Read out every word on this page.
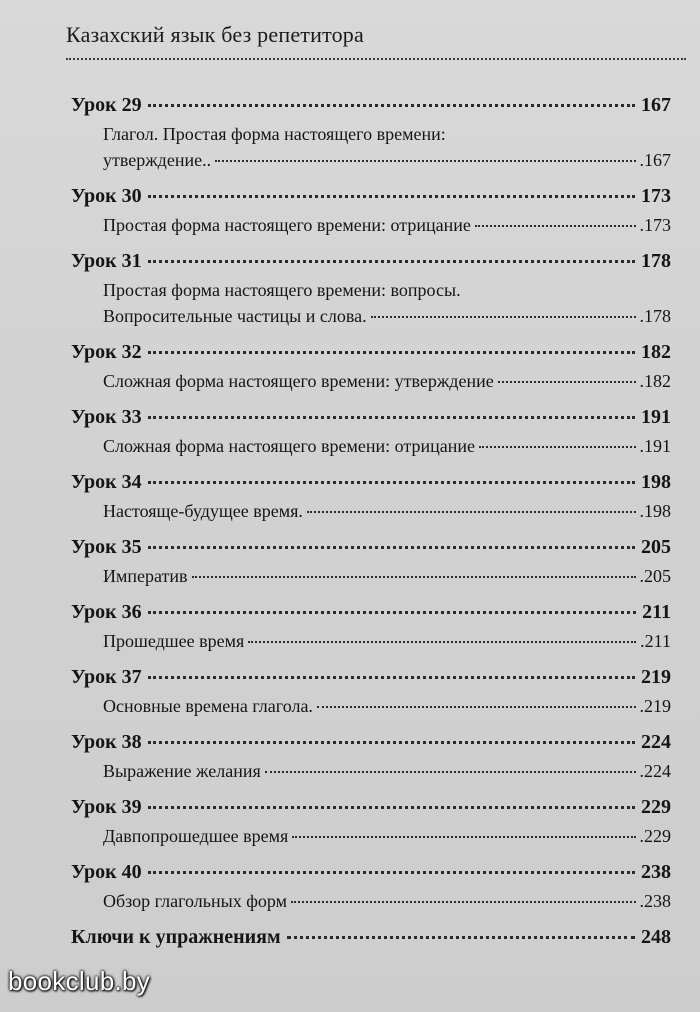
Казахский язык без репетитора
Урок 29	167
Глагол. Простая форма настоящего времени:
утверждение..	.167
Урок 30	173
Простая форма настоящего времени: отрицание	.173
Урок 31	178
Простая форма настоящего времени: вопросы.
Вопросительные частицы и слова.	.178
Урок 32	182
Сложная форма настоящего времени: утверждение	.182
Урок 33	191
Сложная форма настоящего времени: отрицание	.191
Урок 34	198
Настояще-будущее время.	.198
Урок 35	205
Императив	.205
Урок 36	211
Прошедшее время	.211
Урок 37	219
Основные времена глагола.	.219
Урок 38	224
Выражение желания	.224
Урок 39	229
Давпопрошедшее время	.229
Урок 40	238
Обзор глагольных форм	.238
Ключи к упражнениям	248
bookclub.by
